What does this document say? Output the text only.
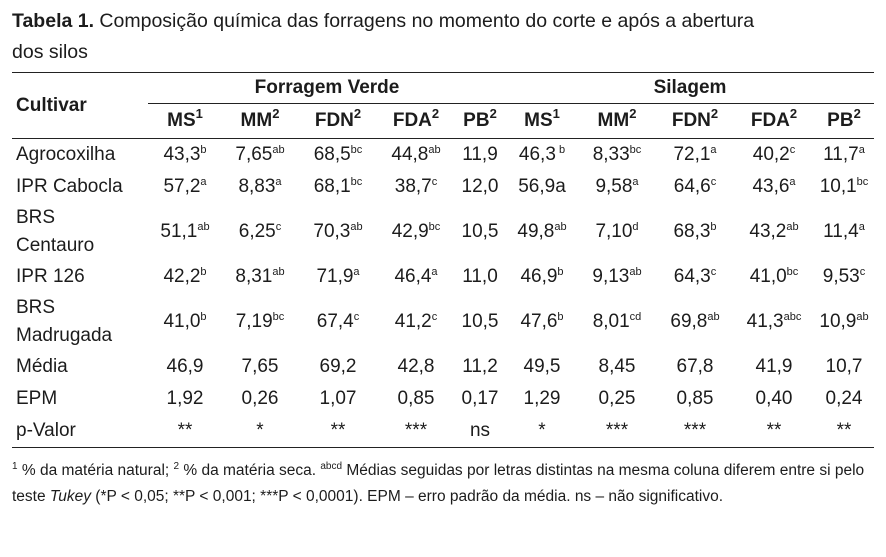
Tabela 1. Composição química das forragens no momento do corte e após a abertura
dos silos

Cultivar	Forragem Verde					Silagem				
	$MS^1$	$MM^2$	FDN$^2$	FDA$^2$	$PB^2$	$MS^1$	$MM^2$	FDN$^2$	FDA$^2$	$PB^2$

Agrocoxilha	43,3$^b$	7,65$^{ab}$	68,5$^{bc}$	44,8$^{ab}$	11,9	46,3 $^b$	8,33$^{bc}$	72,1$^a$	40,2$^c$	11,7$^a$

IPR Cabocla	57,2$^a$	8,83$^a$	68,1$^{bc}$	38,7$^c$	12,0	56,9a	9,58$^a$	64,6$^c$	43,6$^a$	10,1$^{bc}$

BRS
Centauro	51,1$^{ab}$	6,25$^c$	70,3$^{ab}$	42,9$^{bc}$	10,5	49,8$^{ab}$	7,10$^d$	68,3$^b$	43,2$^{ab}$	11,4$^a$

IPR 126	42,2$^b$	8,31$^{ab}$	71,9$^a$	46,4$^a$	11,0	46,9$^b$	9,13$^{ab}$	64,3$^c$	41,0$^{bc}$	9,53$^c$

BRS
Madrugada	41,0$^b$	7,19$^{bc}$	67,4$^c$	41,2$^c$	10,5	47,6$^b$	8,01$^{cd}$	69,8$^{ab}$	41,3$^{abc}$	10,9$^{ab}$

Média	46,9	7,65	69,2	42,8	11,2	49,5	8,45	67,8	41,9	10,7

EPM	1,92	0,26	1,07	0,85	0,17	1,29	0,25	0,85	0,40	0,24

p-Valor	**	*	**	***	ns	*	***	***	**	**
$^1$ % da matéria natural; $^2$ % da matéria seca. $^{abcd}$ Médias seguidas por letras distintas na mesma coluna diferem entre si pelo teste Tukey (*P < 0,05; **P < 0,001; ***P < 0,0001). EPM – erro padrão da média. ns – não significativo.
